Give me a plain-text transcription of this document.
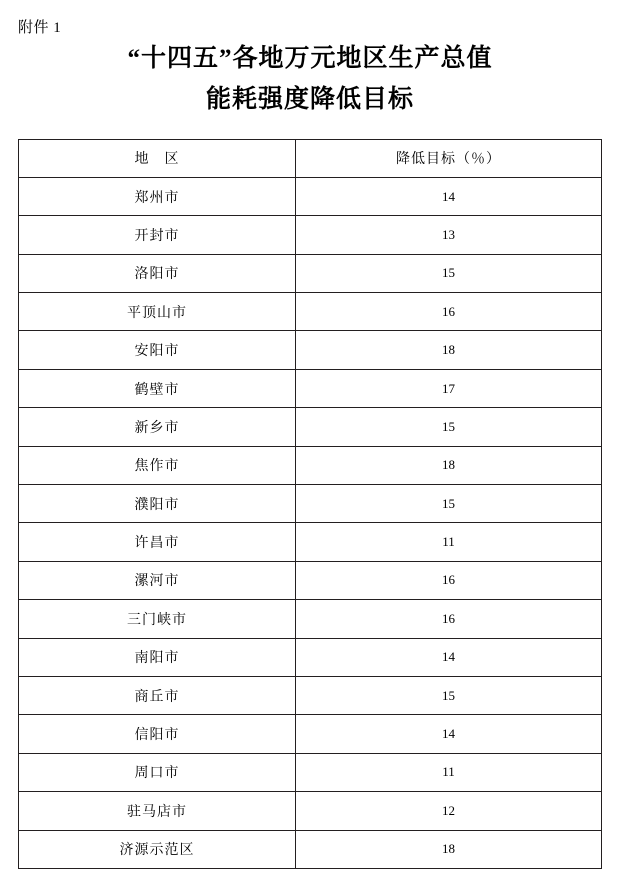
附件 1
“十四五”各地万元地区生产总值
能耗强度降低目标
地　区	降低目标（％）
郑州市	14
开封市	13
洛阳市	15
平顶山市	16
安阳市	18
鹤壁市	17
新乡市	15
焦作市	18
濮阳市	15
许昌市	11
漯河市	16
三门峡市	16
南阳市	14
商丘市	15
信阳市	14
周口市	11
驻马店市	12
济源示范区	18
